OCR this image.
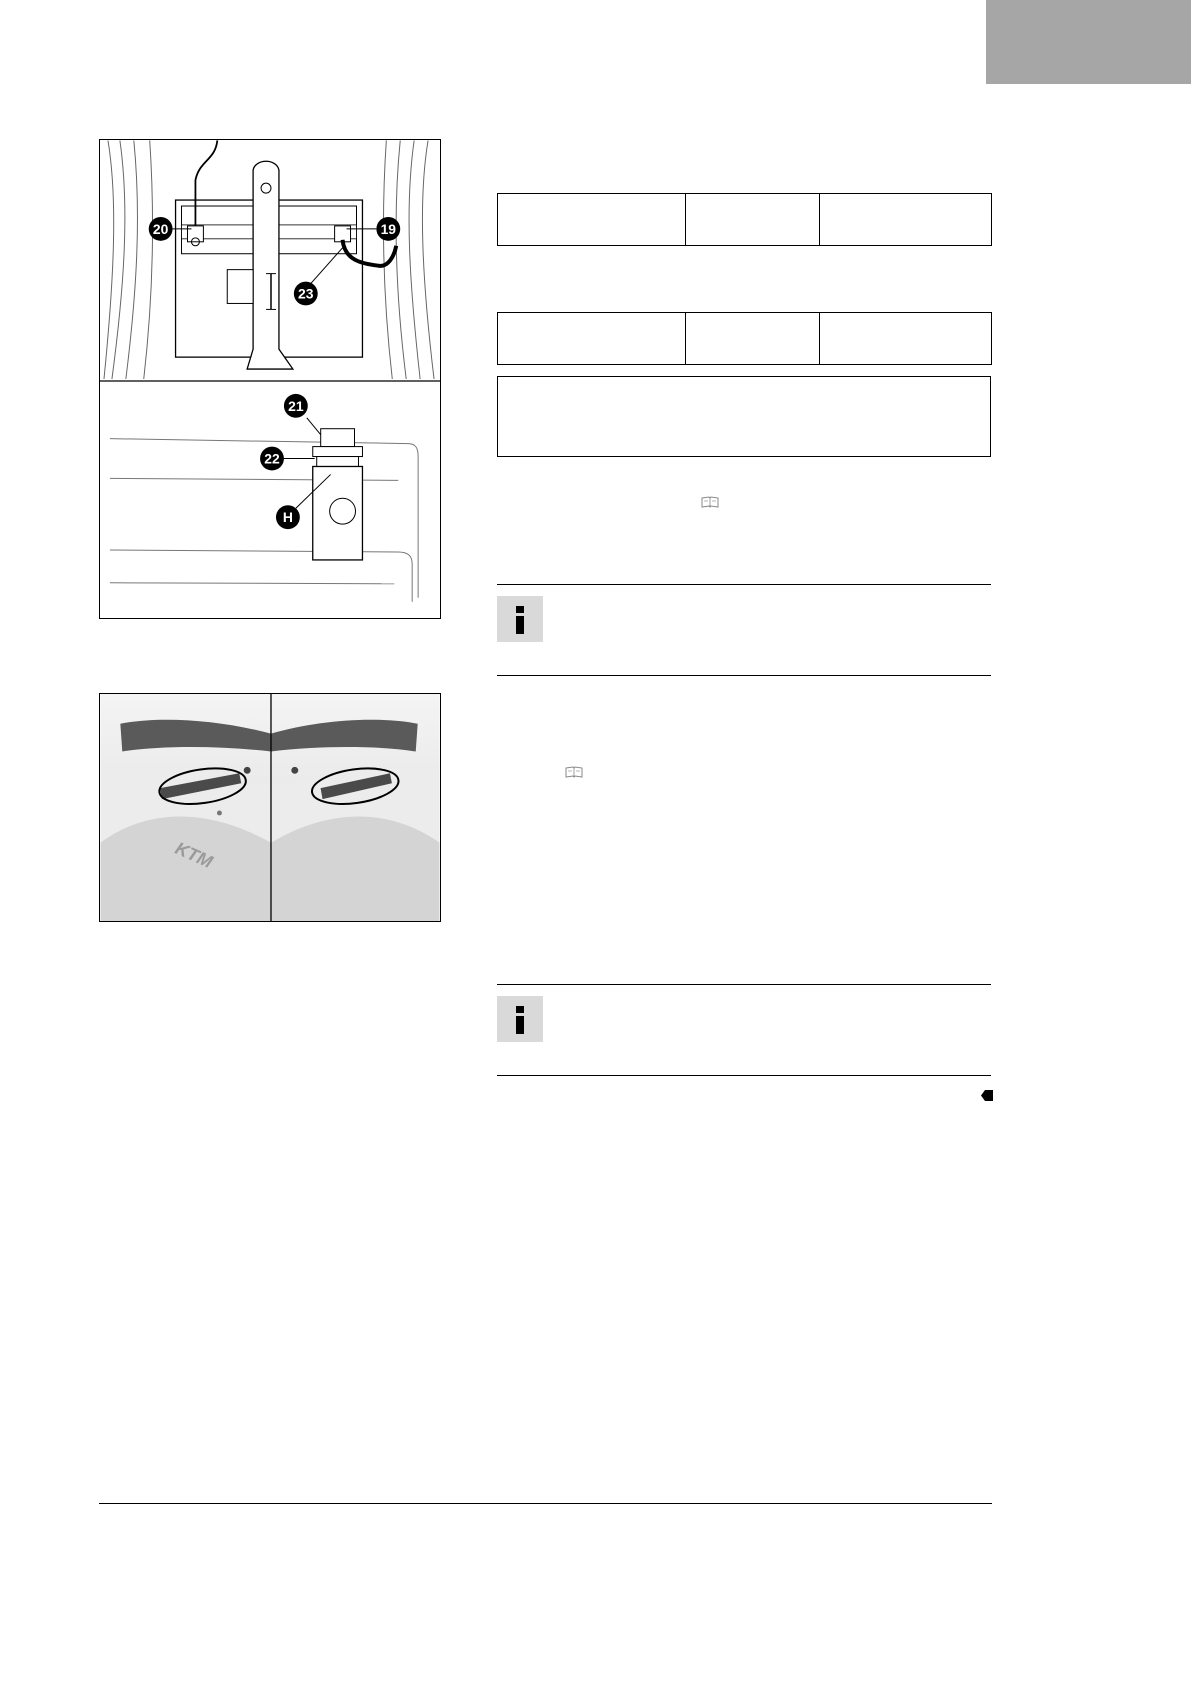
20	19
23
21
22
H
KTM
